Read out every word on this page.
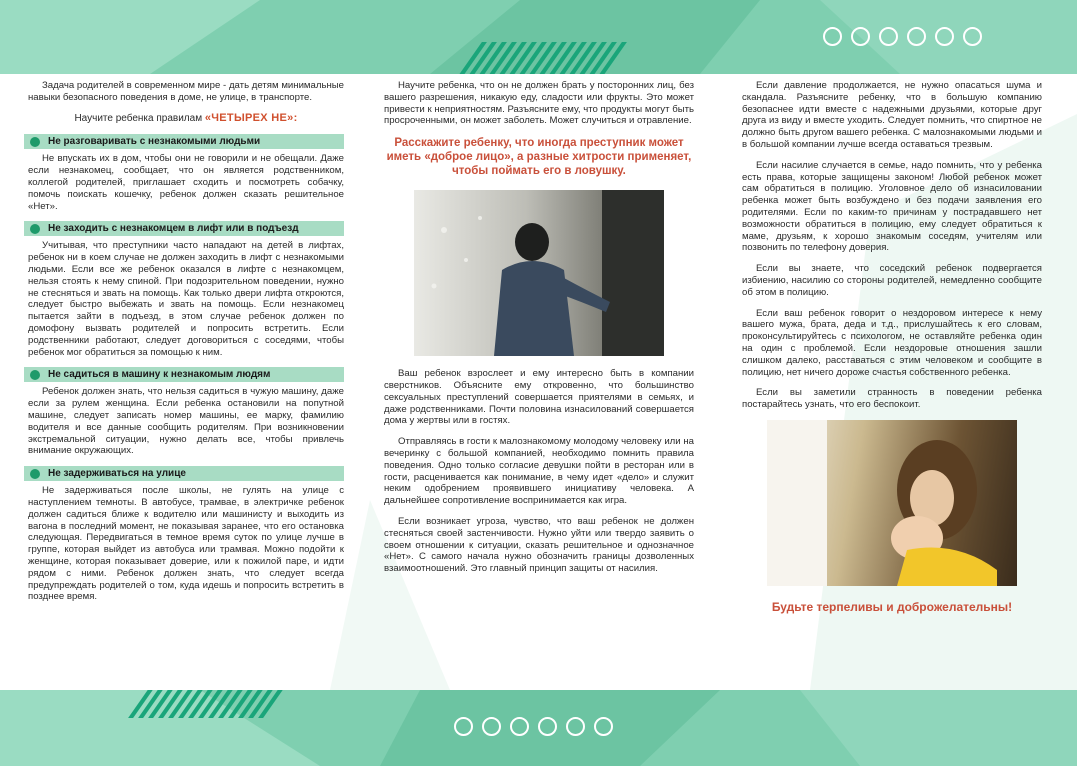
Задача родителей в современном мире - дать детям минимальные навыки безопасного поведения в доме, не улице, в транспорте.

Научите ребенка правилам «ЧЕТЫРЕХ НЕ»:
Не разговаривать с незнакомыми людьми

Не впускать их в дом, чтобы они не говорили и не обещали. Даже если незнакомец, сообщает, что он является родственником, коллегой родителей, приглашает сходить и посмотреть собачку, помочь поискать кошечку, ребенок должен сказать решительное «Нет».

Не заходить с незнакомцем в лифт или в подъезд

Учитывая, что преступники часто нападают на детей в лифтах, ребенок ни в коем случае не должен заходить в лифт с незнакомыми людьми. Если все же ребенок оказался в лифте с незнакомцем, нельзя стоять к нему спиной. При подозрительном поведении, нужно не стесняться и звать на помощь. Как только двери лифта откроются, следует быстро выбежать и звать на помощь. Если незнакомец пытается зайти в подъезд, в этом случае ребенок должен по домофону вызвать родителей и попросить встретить. Если родственники работают, следует договориться с соседями, чтобы ребенок мог обратиться за помощью к ним.

Не садиться в машину к незнакомым людям

Ребенок должен знать, что нельзя садиться в чужую машину, даже если за рулем женщина. Если ребенка остановили на попутной машине, следует записать номер машины, ее марку, фамилию водителя и все данные сообщить родителям. При возникновении экстремальной ситуации, нужно делать все, чтобы привлечь внимание окружающих.

Не задерживаться на улице

Не задерживаться после школы, не гулять на улице с наступлением темноты. В автобусе, трамвае, в электричке ребенок должен садиться ближе к водителю или машинисту и выходить из вагона в последний момент, не показывая заранее, что его остановка следующая. Передвигаться в темное время суток по улице лучше в группе, которая выйдет из автобуса или трамвая. Можно подойти к женщине, которая показывает доверие, или к пожилой паре, и идти рядом с ними. Ребенок должен знать, что следует всегда предупреждать родителей о том, куда идешь и попросить встретить в позднее время.

Научите ребенка, что он не должен брать у посторонних лиц, без вашего разрешения, никакую еду, сладости или фрукты. Это может привести к неприятностям. Разъясните ему, что продукты могут быть просроченными, он может заболеть. Может случиться и отравление.

Расскажите ребенку, что иногда преступник может иметь «доброе лицо», а разные хитрости применяет, чтобы поймать его в ловушку.

Ваш ребенок взрослеет и ему интересно быть в компании сверстников. Объясните ему откровенно, что большинство сексуальных преступлений совершается приятелями в семьях, и даже родственниками. Почти половина изнасилований совершается дома у жертвы или в гостях.

Отправляясь в гости к малознакомому молодому человеку или на вечеринку с большой компанией, необходимо помнить правила поведения. Одно только согласие девушки пойти в ресторан или в гости, расценивается как понимание, в чему идет «дело» и служит неким одобрением проявившего инициативу человека. А дальнейшее сопротивление воспринимается как игра.

Если возникает угроза, чувство, что ваш ребенок не должен стесняться своей застенчивости. Нужно уйти или твердо заявить о своем отношении к ситуации, сказать решительное и однозначное «Нет». С самого начала нужно обозначить границы дозволенных взаимоотношений. Это главный принцип защиты от насилия.

Если давление продолжается, не нужно опасаться шума и скандала. Разъясните ребенку, что в большую компанию безопаснее идти вместе с надежными друзьями, которые друг друга из виду и вместе уходить. Следует помнить, что спиртное не должно быть другом вашего ребенка. С малознакомыми людьми и в большой компании лучше всегда оставаться трезвым.

Если насилие случается в семье, надо помнить, что у ребенка есть права, которые защищены законом! Любой ребенок может сам обратиться в полицию. Уголовное дело об изнасиловании ребенка может быть возбуждено и без подачи заявления его родителями. Если по каким-то причинам у пострадавшего нет возможности обратиться в полицию, ему следует обратиться к маме, друзьям, к хорошо знакомым соседям, учителям или позвонить по телефону доверия.

Если вы знаете, что соседский ребенок подвергается избиению, насилию со стороны родителей, немедленно сообщите об этом в полицию.

Если ваш ребенок говорит о нездоровом интересе к нему вашего мужа, брата, деда и т.д., прислушайтесь к его словам, проконсультируйтесь с психологом, не оставляйте ребенка один на один с проблемой. Если нездоровые отношения зашли слишком далеко, расставаться с этим человеком и сообщите в полицию, нет ничего дороже счастья собственного ребенка.

Если вы заметили странность в поведении ребенка постарайтесь узнать, что его беспокоит.

Будьте терпеливы и доброжелательны!
